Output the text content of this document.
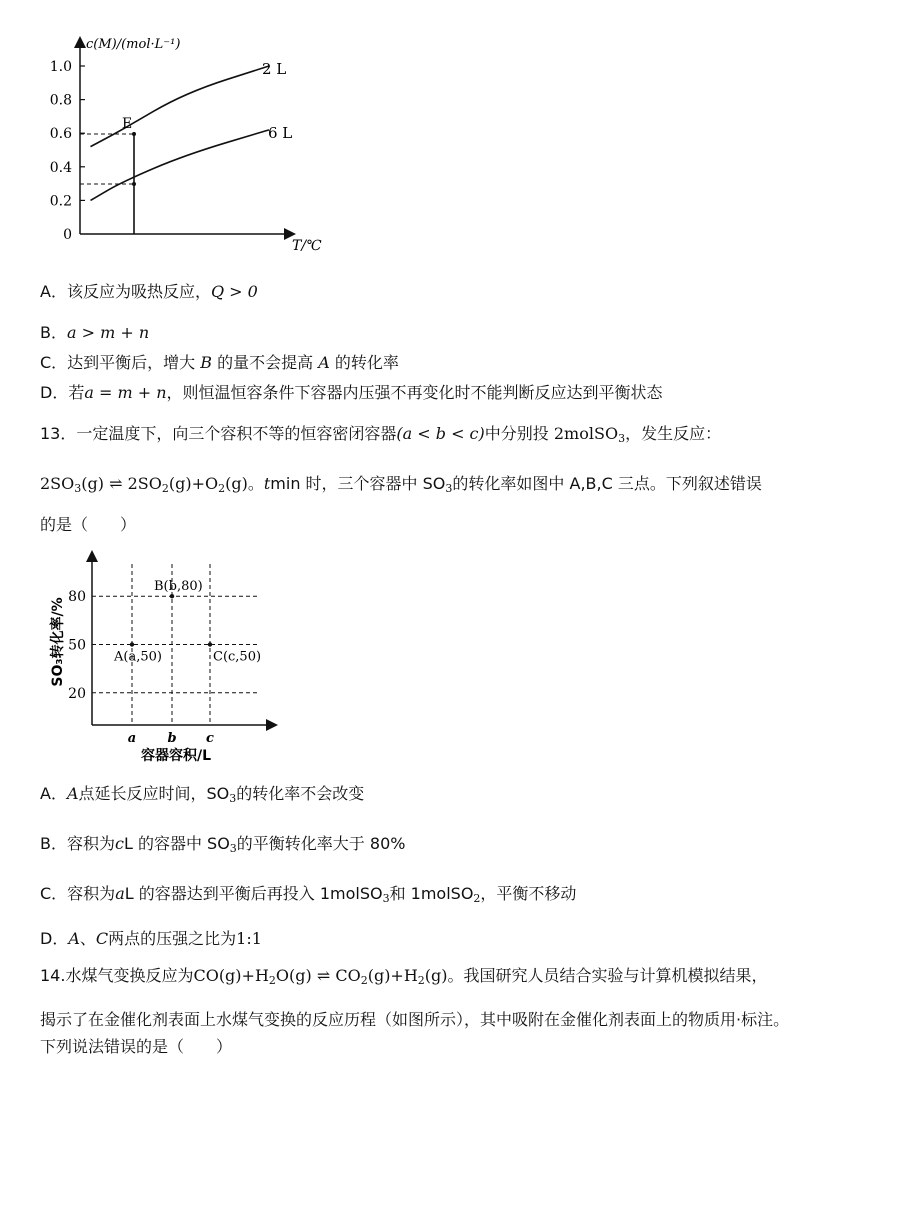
0
0.2
0.4
0.6
0.8
1.0
E
2 L
6 L
c(M)/(mol·L⁻¹)
T/℃
A．该反应为吸热反应，Q > 0
B．a > m + n
C．达到平衡后，增大 B 的量不会提高 A 的转化率
D．若a = m + n，则恒温恒容条件下容器内压强不再变化时不能判断反应达到平衡状态
13．一定温度下，向三个容积不等的恒容密闭容器(a < b < c)中分别投 2molSO$_3$，发生反应：
$2SO_3(g)$ ⇌ $2SO_2(g)+O_2(g)$。tmin 时，三个容器中 $SO_3$的转化率如图中 A,B,C 三点。下列叙述错误
的是（　　）
20
50
80
a b c
A(a,50)
B(b,80)
C(c,50)
SO₃转化率/%
容器容积/L
A．A点延长反应时间，$SO_3$的转化率不会改变
B．容积为cL 的容器中 $SO_3$的平衡转化率大于 80%
C．容积为aL 的容器达到平衡后再投入 1molSO$_3$和 1molSO$_2$，平衡不移动
D．A、C两点的压强之比为1:1
14.水煤气变换反应为$CO(g)+H_2O(g)$ ⇌ $CO_2(g)+H_2(g)$。我国研究人员结合实验与计算机模拟结果，
揭示了在金催化剂表面上水煤气变换的反应历程（如图所示），其中吸附在金催化剂表面上的物质用·标注。
下列说法错误的是（　　）
